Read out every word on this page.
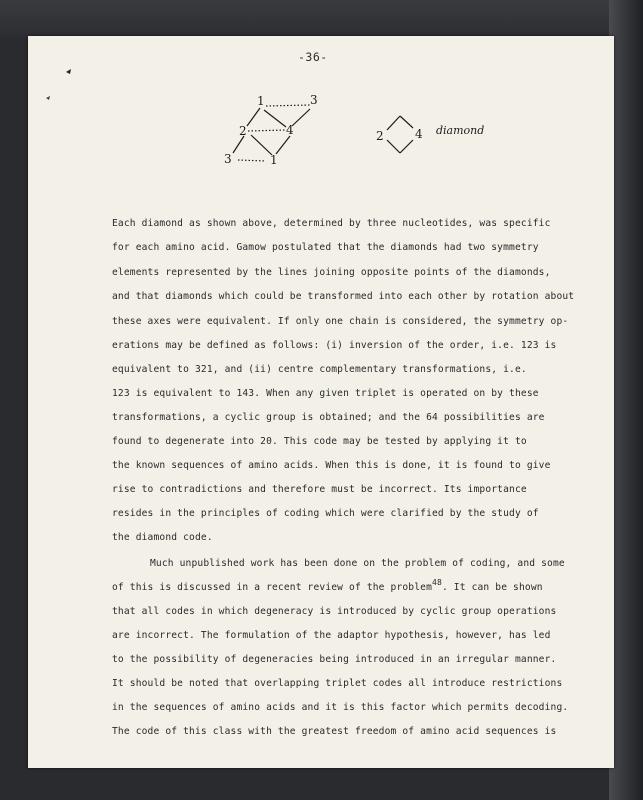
-36-
1	3
2	4
3	1
2	4 diamond
Each diamond as shown above, determined by three nucleotides, was specific
for each amino acid. Gamow postulated that the diamonds had two symmetry
elements represented by the lines joining opposite points of the diamonds,
and that diamonds which could be transformed into each other by rotation about
these axes were equivalent. If only one chain is considered, the symmetry op-
erations may be defined as follows: (i) inversion of the order, i.e. 123 is
equivalent to 321, and (ii) centre complementary transformations, i.e.
123 is equivalent to 143. When any given triplet is operated on by these
transformations, a cyclic group is obtained; and the 64 possibilities are
found to degenerate into 20. This code may be tested by applying it to
the known sequences of amino acids. When this is done, it is found to give
rise to contradictions and therefore must be incorrect. Its importance
resides in the principles of coding which were clarified by the study of
the diamond code.
Much unpublished work has been done on the problem of coding, and some
of this is discussed in a recent review of the problem$^{48}$. It can be shown
that all codes in which degeneracy is introduced by cyclic group operations
are incorrect. The formulation of the adaptor hypothesis, however, has led
to the possibility of degeneracies being introduced in an irregular manner.
It should be noted that overlapping triplet codes all introduce restrictions
in the sequences of amino acids and it is this factor which permits decoding.
The code of this class with the greatest freedom of amino acid sequences is
